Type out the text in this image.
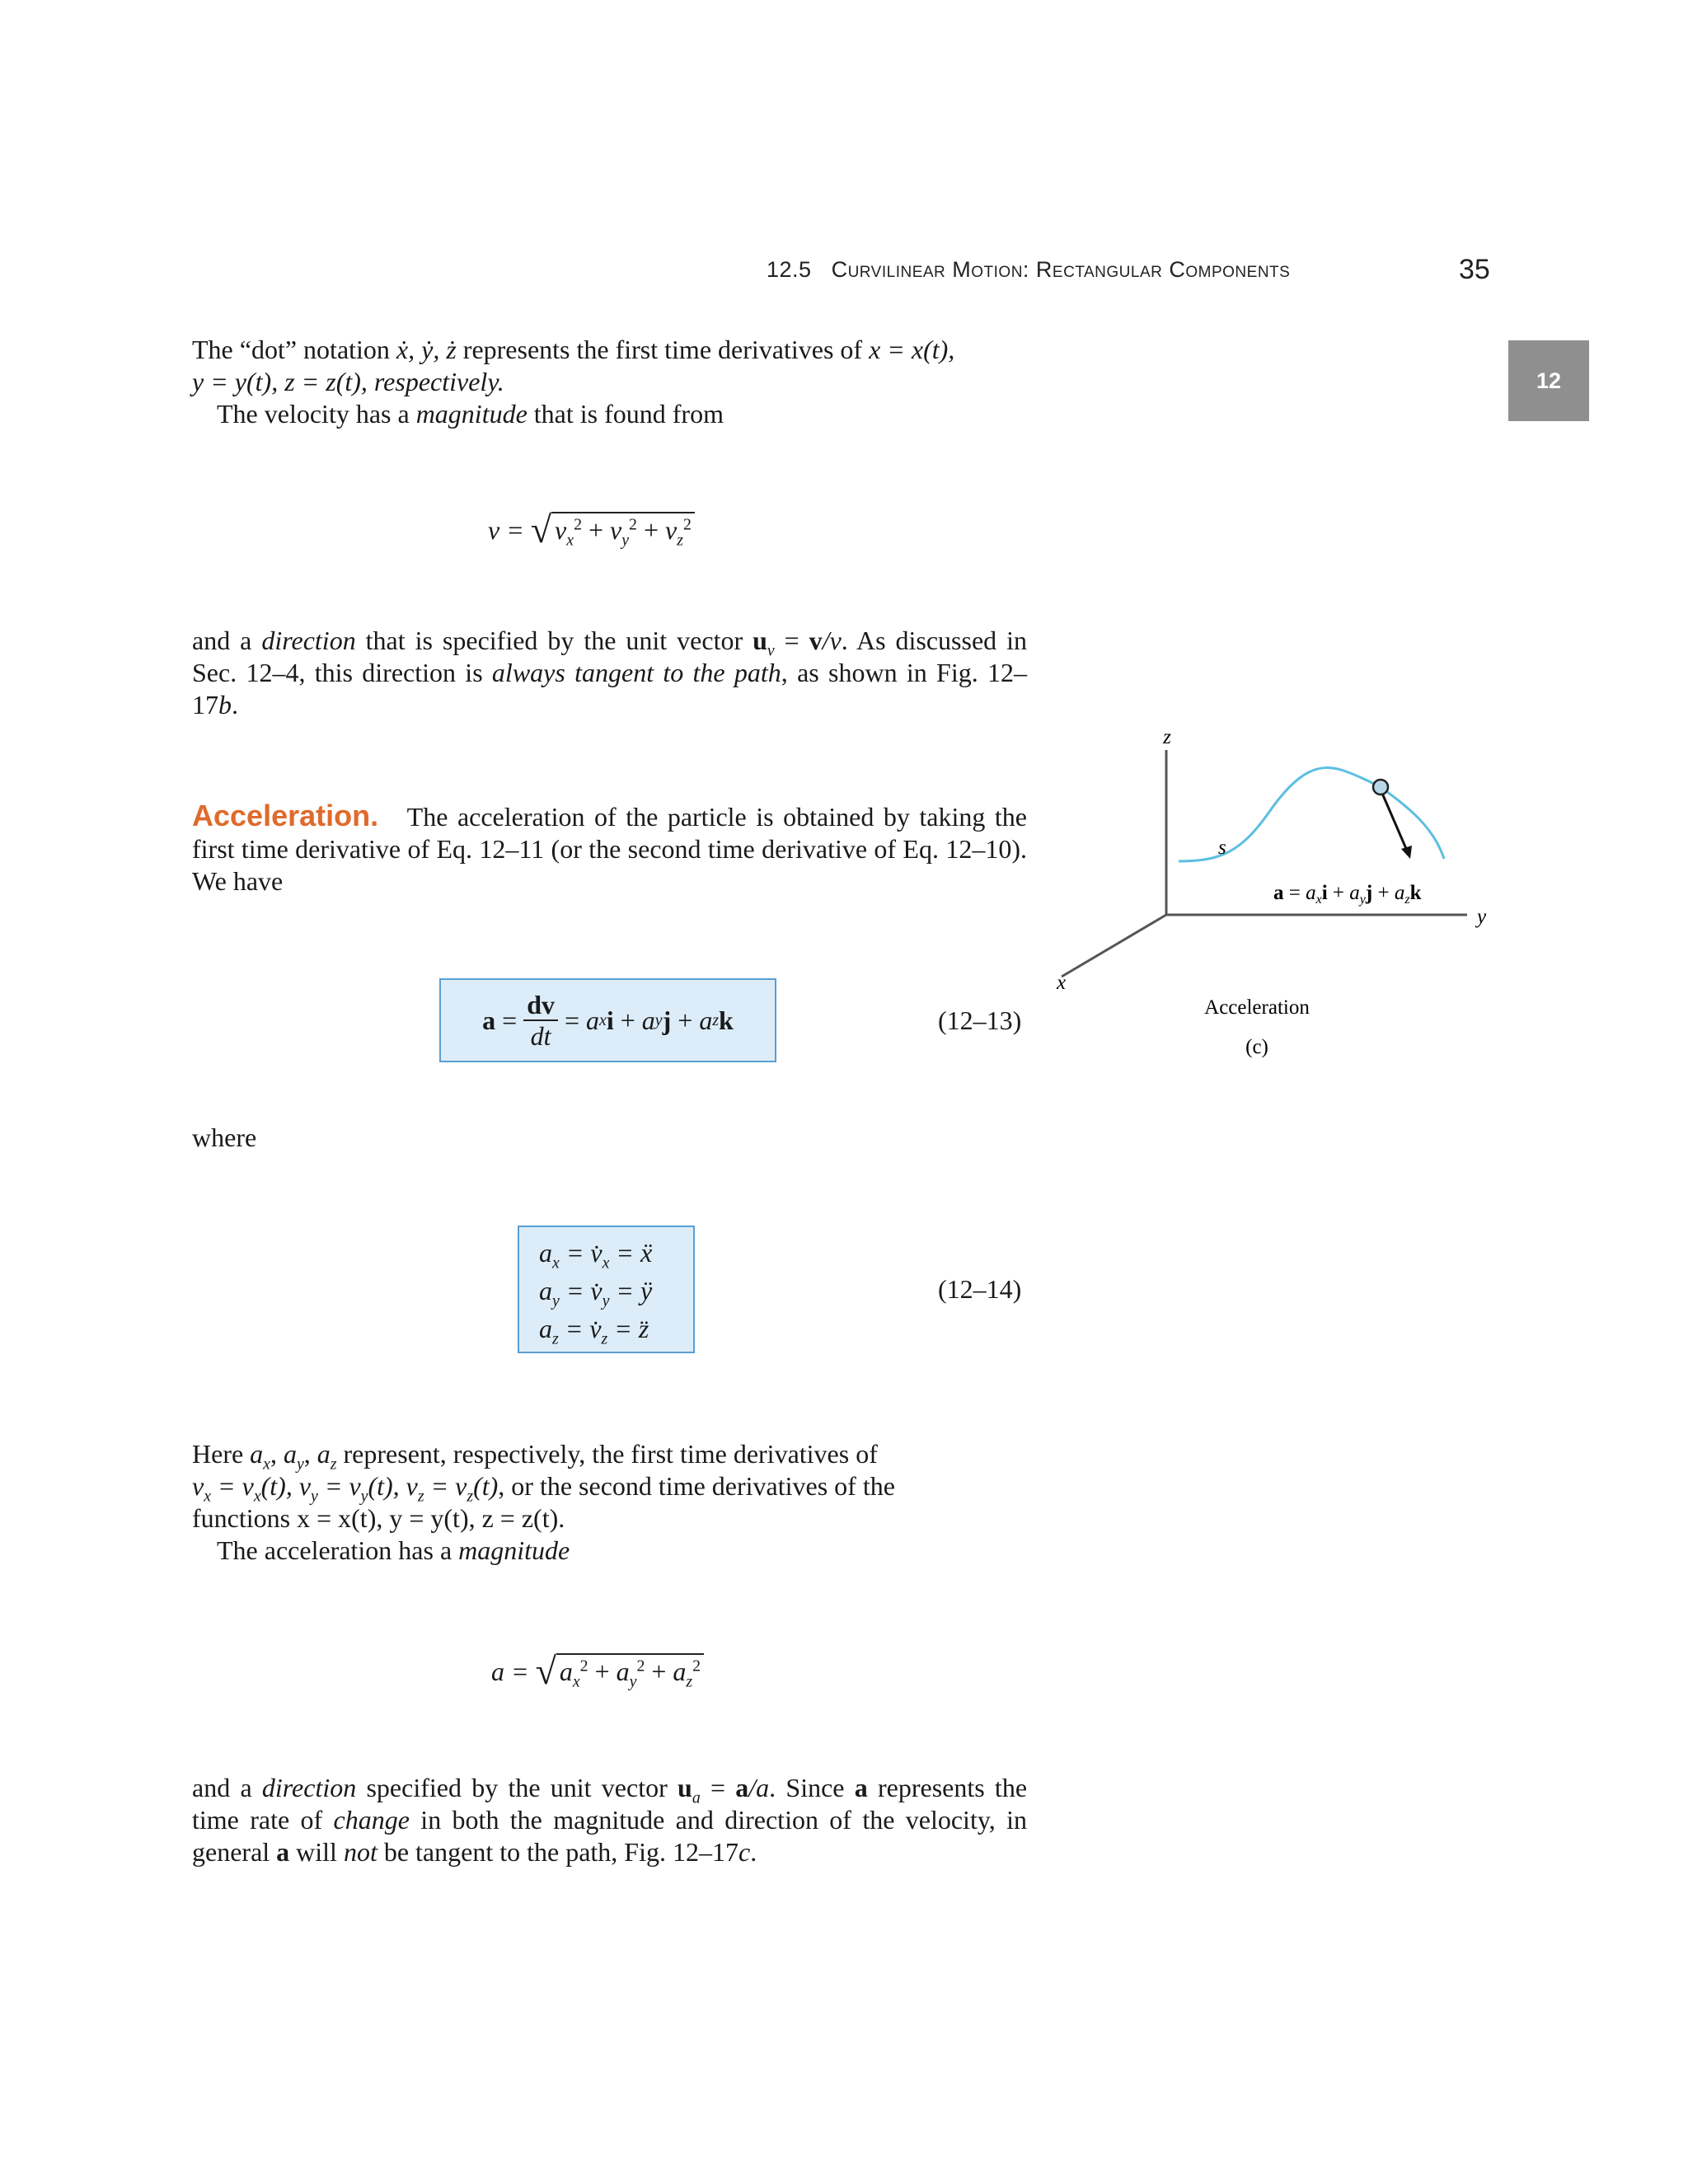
12.5 Curvilinear Motion: Rectangular Components	35
12

The “dot” notation ẋ, ẏ, ż represents the first time derivatives of x = x(t),

y = y(t), z = z(t), respectively.

The velocity has a magnitude that is found from

v = √ $v_x^2 + v_y^2 + v_z^2$

and a direction that is specified by the unit vector $u_v = v/v$. As discussed in Sec. 12–4, this direction is always tangent to the path, as shown in Fig. 12–17b.

Acceleration. The acceleration of the particle is obtained by taking the first time derivative of Eq. 12–11 (or the second time derivative of Eq. 12–10). We have

$a = \frac{dv}{dt}$ =
a x i + a y j + a z k	(12–13)
where
$a_x$ = $v̇_x$ = ẍ
$a_y$ = $v̇_y$ = ÿ
$a_z$ = $v̇_z$ = z̈
(12–14)

Here $a_x$, $a_y$, $a_z$ represent, respectively, the first time derivatives of

$v_x = v_x(t)$, $v_y = v_y(t)$, $v_z = v_z(t)$, or the second time derivatives of the

functions x = x(t), y = y(t), z = z(t).

The acceleration has a magnitude

a = √ $a_x^2 + a_y^2 + a_z^2$

and a direction specified by the unit vector $u_a = a/a$. Since a represents the time rate of change in both the magnitude and direction of the velocity, in general a will not be tangent to the path, Fig. 12–17c.

z
y
x
s
$a = a_xi + a_yj + a_zk$
Acceleration
(c)
